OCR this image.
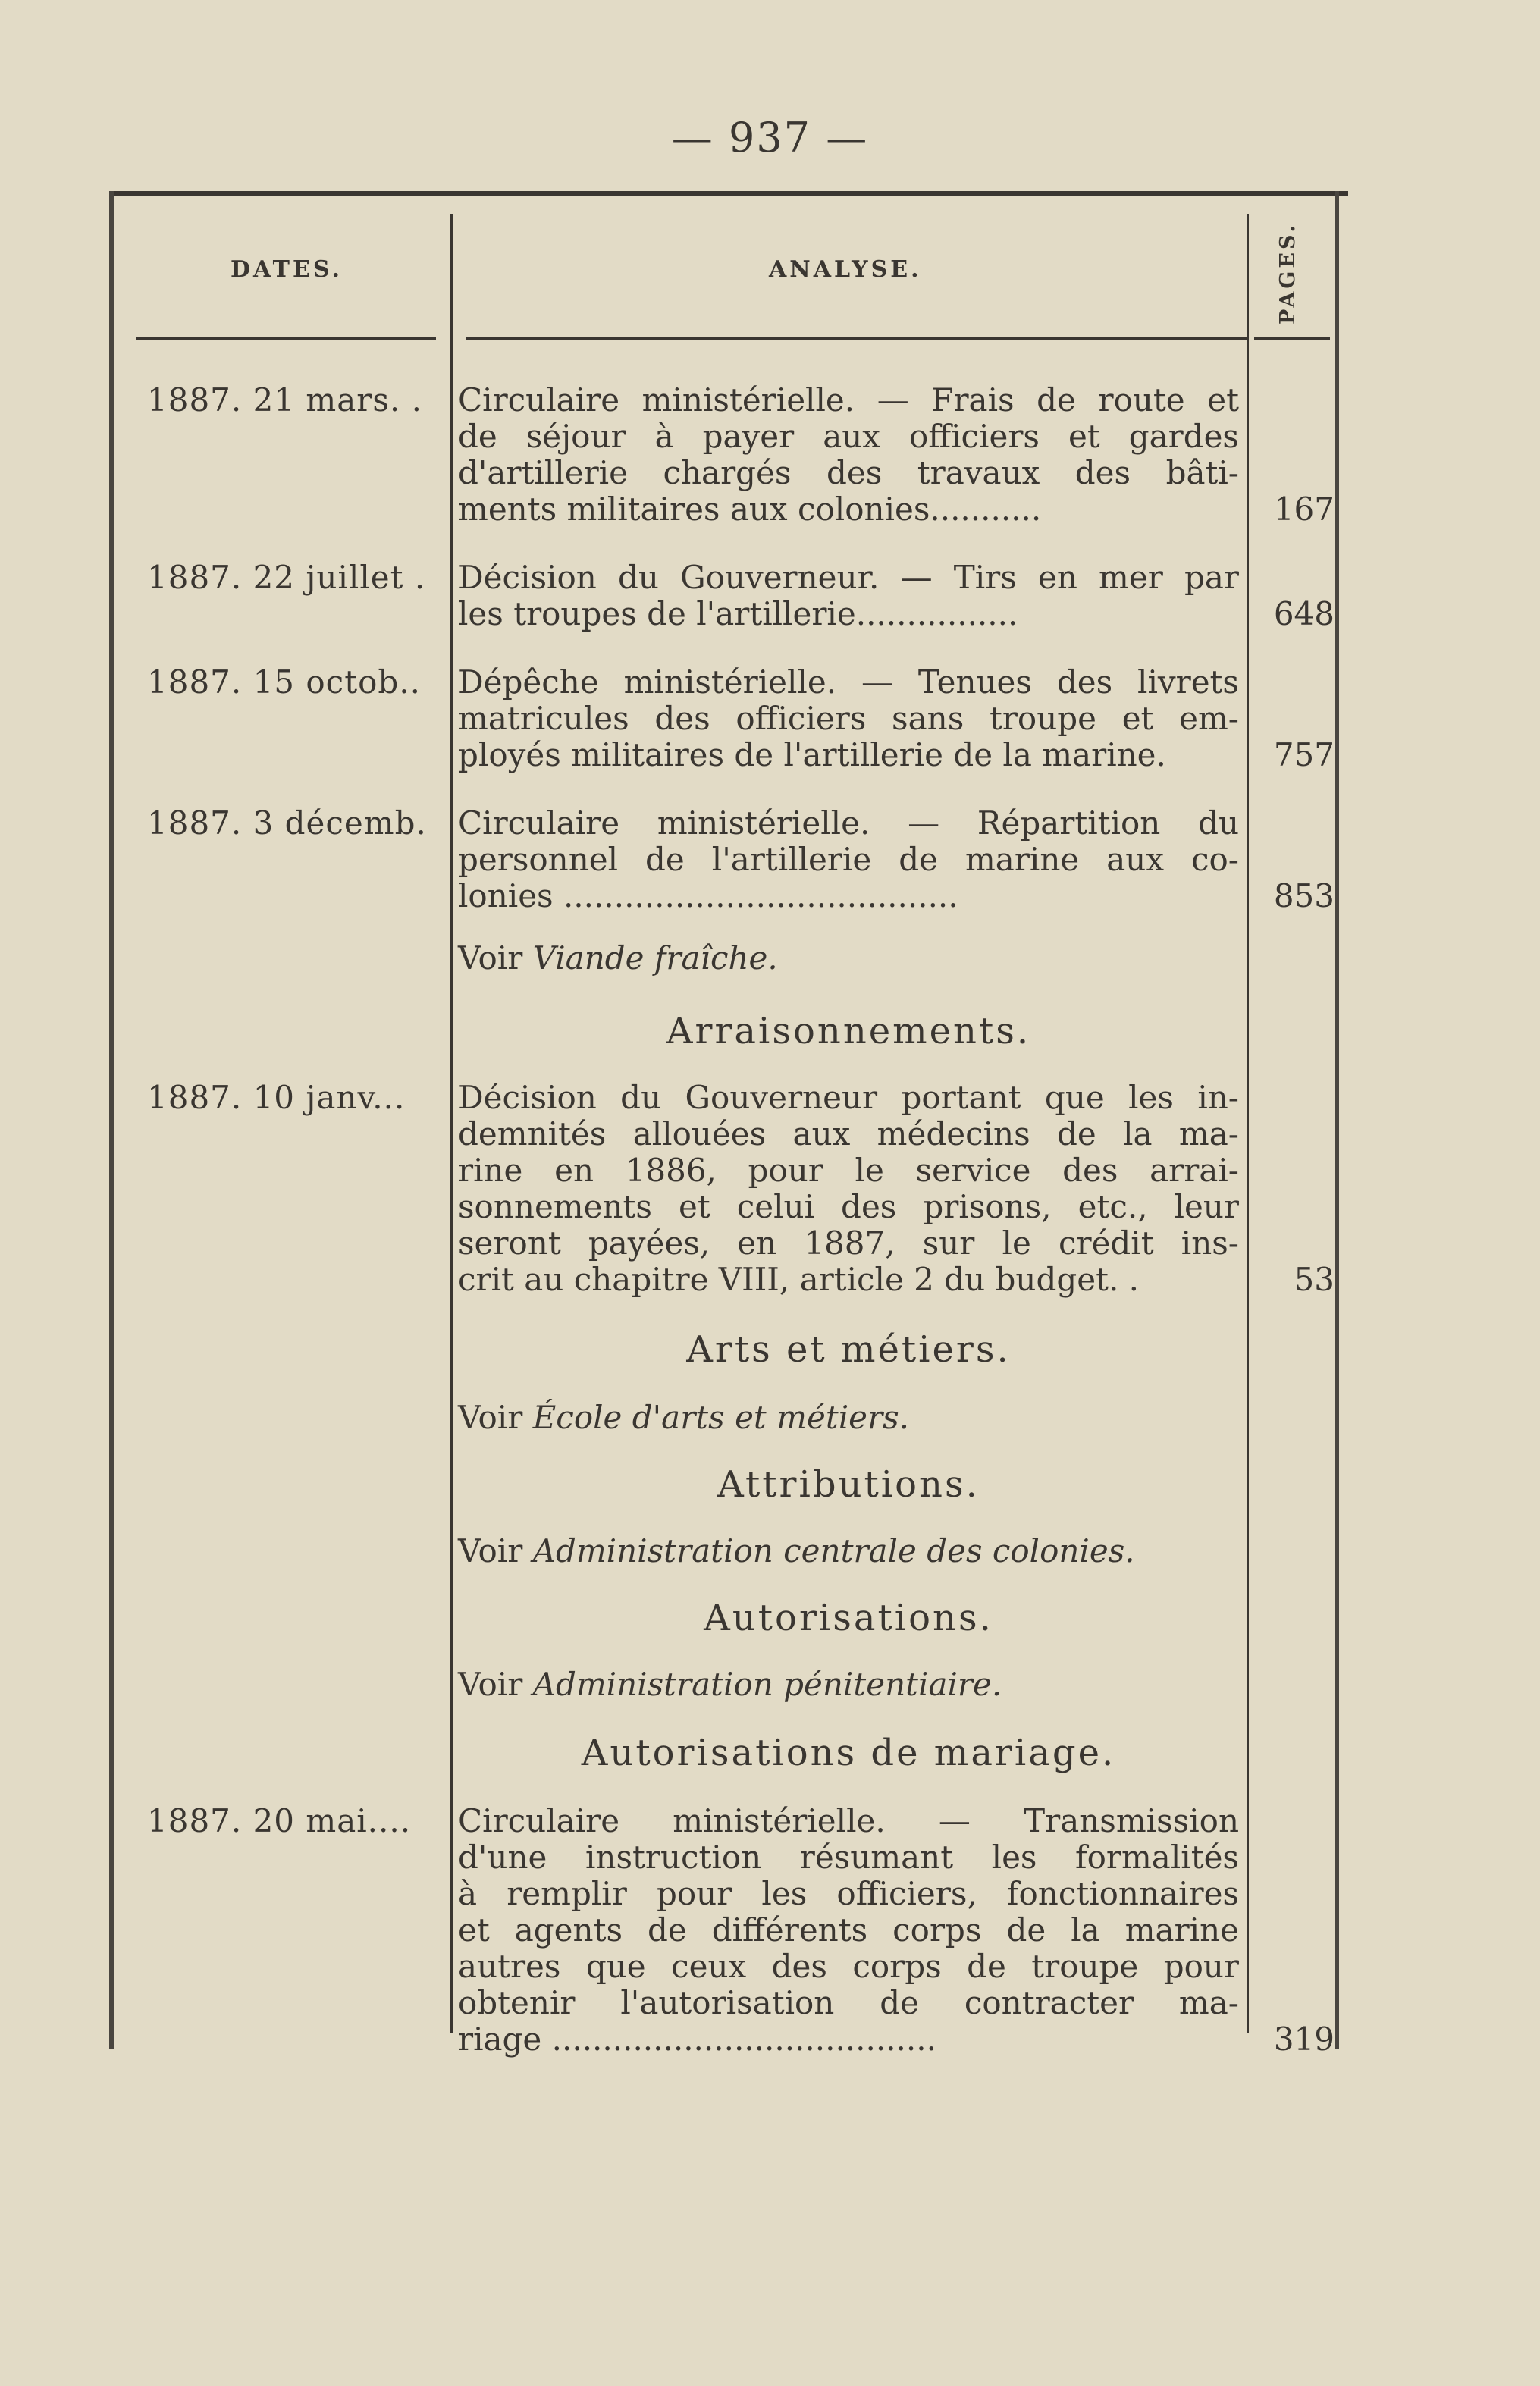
— 937 —
DATES.	ANALYSE.	PAGES.
1887. 21 mars. .	Circulaire ministérielle. — Frais de route et
de séjour à payer aux officiers et gardes
d'artillerie chargés des travaux des bâti-
ments militaires aux colonies...........	167
1887. 22 juillet .	Décision du Gouverneur. — Tirs en mer par
les troupes de l'artillerie................	648
1887. 15 octob..	Dépêche ministérielle. — Tenues des livrets
matricules des officiers sans troupe et em-
ployés militaires de l'artillerie de la marine.	757
1887. 3 décemb. Circulaire ministérielle. — Répartition du
personnel de l'artillerie de marine aux co-
lonies .......................................	853
Voir Viande fraîche.
Arraisonnements.
1887. 10 janv...	Décision du Gouverneur portant que les in-
demnités allouées aux médecins de la ma-
rine en 1886, pour le service des arrai-
sonnements et celui des prisons, etc., leur
seront payées, en 1887, sur le crédit ins-
crit au chapitre VIII, article 2 du budget. .	53
Arts et métiers.
Voir École d'arts et métiers.
Attributions.
Voir Administration centrale des colonies.
Autorisations.
Voir Administration pénitentiaire.
Autorisations de mariage.
1887. 20 mai....	Circulaire ministérielle. — Transmission
d'une instruction résumant les formalités
à remplir pour les officiers, fonctionnaires
et agents de différents corps de la marine
autres que ceux des corps de troupe pour
obtenir l'autorisation de contracter ma-
riage ......................................	319
